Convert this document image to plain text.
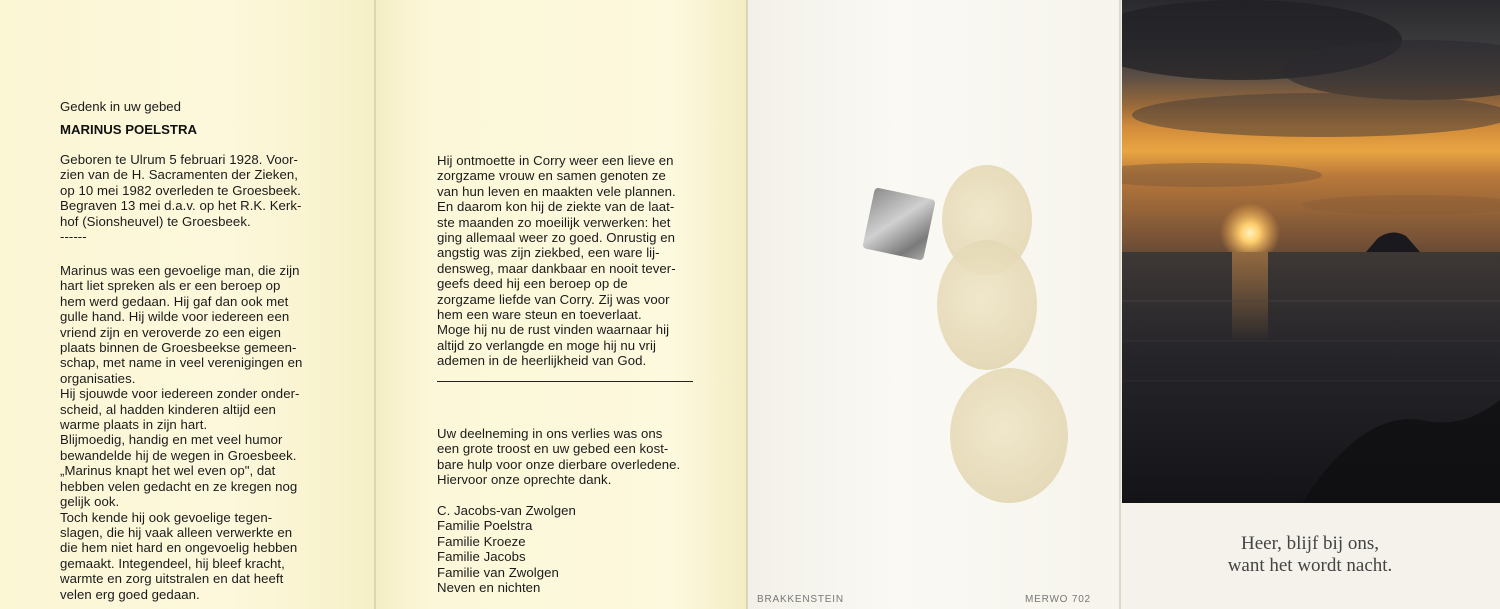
Gedenk in uw gebed
MARINUS POELSTRA
Geboren te Ulrum 5 februari 1928. Voor-
zien van de H. Sacramenten der Zieken,
op 10 mei 1982 overleden te Groesbeek.
Begraven 13 mei d.a.v. op het R.K. Kerk-
hof (Sionsheuvel) te Groesbeek.
------
Marinus was een gevoelige man, die zijn
hart liet spreken als er een beroep op
hem werd gedaan. Hij gaf dan ook met
gulle hand. Hij wilde voor iedereen een
vriend zijn en veroverde zo een eigen
plaats binnen de Groesbeekse gemeen-
schap, met name in veel verenigingen en
organisaties.
Hij sjouwde voor iedereen zonder onder-
scheid, al hadden kinderen altijd een
warme plaats in zijn hart.
Blijmoedig, handig en met veel humor
bewandelde hij de wegen in Groesbeek.
„Marinus knapt het wel even op", dat
hebben velen gedacht en ze kregen nog
gelijk ook.
Toch kende hij ook gevoelige tegen-
slagen, die hij vaak alleen verwerkte en
die hem niet hard en ongevoelig hebben
gemaakt. Integendeel, hij bleef kracht,
warmte en zorg uitstralen en dat heeft
velen erg goed gedaan.
Hij ontmoette in Corry weer een lieve en
zorgzame vrouw en samen genoten ze
van hun leven en maakten vele plannen.
En daarom kon hij de ziekte van de laat-
ste maanden zo moeilijk verwerken: het
ging allemaal weer zo goed. Onrustig en
angstig was zijn ziekbed, een ware lij-
densweg, maar dankbaar en nooit tever-
geefs deed hij een beroep op de
zorgzame liefde van Corry. Zij was voor
hem een ware steun en toeverlaat.
Moge hij nu de rust vinden waarnaar hij
altijd zo verlangde en moge hij nu vrij
ademen in de heerlijkheid van God.
Uw deelneming in ons verlies was ons
een grote troost en uw gebed een kost-
bare hulp voor onze dierbare overledene.
Hiervoor onze oprechte dank.
C. Jacobs-van Zwolgen
Familie Poelstra
Familie Kroeze
Familie Jacobs
Familie van Zwolgen
Neven en nichten
BRAKKENSTEIN	MERWO 702
Heer, blijf bij ons,
want het wordt nacht.
